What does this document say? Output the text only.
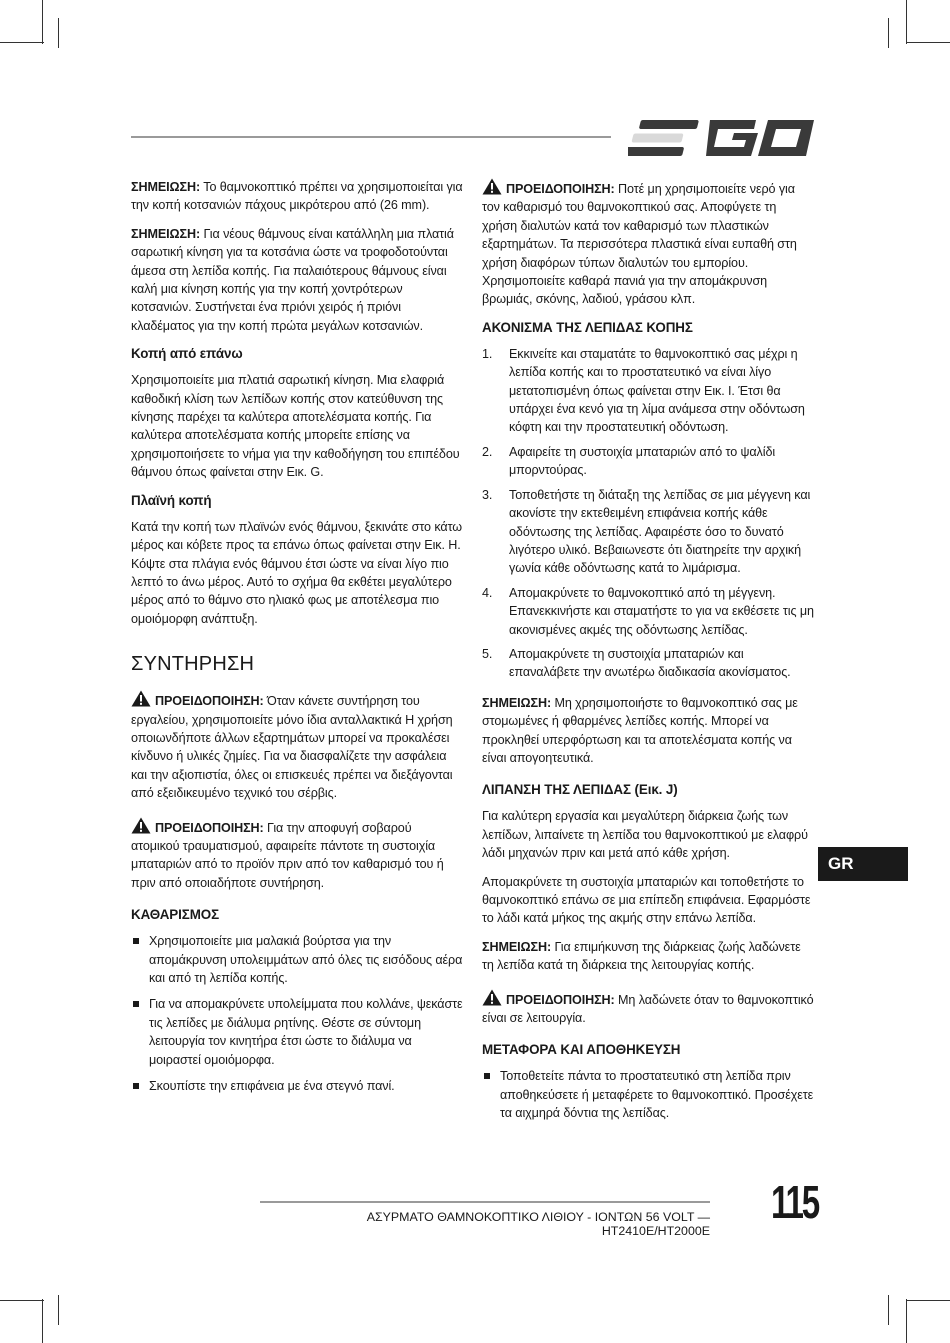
ΣΗΜΕΙΩΣΗ: Το θαμνοκοπτικό πρέπει να χρησιμοποιείται για την κοπή κοτσανιών πάχους μικρότερου από (26 mm).

ΣΗΜΕΙΩΣΗ: Για νέους θάμνους είναι κατάλληλη μια πλατιά σαρωτική κίνηση για τα κοτσάνια ώστε να τροφοδοτούνται άμεσα στη λεπίδα κοπής. Για παλαιότερους θάμνους είναι καλή μια κίνηση κοπής για την κοπή χοντρότερων κοτσανιών. Συστήνεται ένα πριόνι χειρός ή πριόνι κλαδέματος για την κοπή πρώτα μεγάλων κοτσανιών.

Κοπή από επάνω

Χρησιμοποιείτε μια πλατιά σαρωτική κίνηση. Μια ελαφριά καθοδική κλίση των λεπίδων κοπής στον κατεύθυνση της κίνησης παρέχει τα καλύτερα αποτελέσματα κοπής. Για καλύτερα αποτελέσματα κοπής μπορείτε επίσης να χρησιμοποιήσετε το νήμα για την καθοδήγηση του επιπέδου θάμνου όπως φαίνεται στην Εικ. G.

Πλαϊνή κοπή

Κατά την κοπή των πλαϊνών ενός θάμνου, ξεκινάτε στο κάτω μέρος και κόβετε προς τα επάνω όπως φαίνεται στην Εικ. H. Κόψτε στα πλάγια ενός θάμνου έτσι ώστε να είναι λίγο πιο λεπτό το άνω μέρος. Αυτό το σχήμα θα εκθέτει μεγαλύτερο μέρος από το θάμνο στο ηλιακό φως με αποτέλεσμα πιο ομοιόμορφη ανάπτυξη.

ΣΥΝΤΗΡΗΣΗ

ΠΡΟΕΙΔΟΠΟΙΗΣΗ: Όταν κάνετε συντήρηση του εργαλείου, χρησιμοποιείτε μόνο ίδια ανταλλακτικά Η χρήση οποιωνδήποτε άλλων εξαρτημάτων μπορεί να προκαλέσει κίνδυνο ή υλικές ζημίες. Για να διασφαλίζετε την ασφάλεια και την αξιοπιστία, όλες οι επισκευές πρέπει να διεξάγονται από εξειδικευμένο τεχνικό του σέρβις.

ΠΡΟΕΙΔΟΠΟΙΗΣΗ: Για την αποφυγή σοβαρού ατομικού τραυματισμού, αφαιρείτε πάντοτε τη συστοιχία μπαταριών από το προϊόν πριν από τον καθαρισμό του ή πριν από οποιαδήποτε συντήρηση.

ΚΑΘΑΡΙΣΜΟΣ
Χρησιμοποιείτε μια μαλακιά βούρτσα για την απομάκρυνση υπολειμμάτων από όλες τις εισόδους αέρα και από τη λεπίδα κοπής.
Για να απομακρύνετε υπολείμματα που κολλάνε, ψεκάστε τις λεπίδες με διάλυμα ρητίνης. Θέστε σε σύντομη λειτουργία τον κινητήρα έτσι ώστε το διάλυμα να μοιραστεί ομοιόμορφα.
Σκουπίστε την επιφάνεια με ένα στεγνό πανί.

ΠΡΟΕΙΔΟΠΟΙΗΣΗ: Ποτέ μη χρησιμοποιείτε νερό για τον καθαρισμό του θαμνοκοπτικού σας. Αποφύγετε τη χρήση διαλυτών κατά τον καθαρισμό των πλαστικών εξαρτημάτων. Τα περισσότερα πλαστικά είναι ευπαθή στη χρήση διαφόρων τύπων διαλυτών του εμπορίου. Χρησιμοποιείτε καθαρά πανιά για την απομάκρυνση βρωμιάς, σκόνης, λαδιού, γράσου κλπ.

ΑΚΟΝΙΣΜΑ ΤΗΣ ΛΕΠΙΔΑΣ ΚΟΠΗΣ
1. Εκκινείτε και σταματάτε το θαμνοκοπτικό σας μέχρι η λεπίδα κοπής και το προστατευτικό να είναι λίγο μετατοπισμένη όπως φαίνεται στην Εικ. I. Έτσι θα υπάρχει ένα κενό για τη λίμα ανάμεσα στην οδόντωση κόφτη και την προστατευτική οδόντωση.
2. Αφαιρείτε τη συστοιχία μπαταριών από το ψαλίδι μπορντούρας.
3. Τοποθετήστε τη διάταξη της λεπίδας σε μια μέγγενη και ακονίστε την εκτεθειμένη επιφάνεια κοπής κάθε οδόντωσης της λεπίδας. Αφαιρέστε όσο το δυνατό λιγότερο υλικό. Βεβαιωνεστε ότι διατηρείτε την αρχική γωνία κάθε οδόντωσης κατά το λιμάρισμα.
4. Απομακρύνετε το θαμνοκοπτικό από τη μέγγενη. Επανεκκινήστε και σταματήστε το για να εκθέσετε τις μη ακονισμένες ακμές της οδόντωσης λεπίδας.
5. Απομακρύνετε τη συστοιχία μπαταριών και επαναλάβετε την ανωτέρω διαδικασία ακονίσματος.

ΣΗΜΕΙΩΣΗ: Μη χρησιμοποιήστε το θαμνοκοπτικό σας με στομωμένες ή φθαρμένες λεπίδες κοπής. Μπορεί να προκληθεί υπερφόρτωση και τα αποτελέσματα κοπής να είναι απογοητευτικά.

ΛΙΠΑΝΣΗ ΤΗΣ ΛΕΠΙΔΑΣ (Εικ. J)

Για καλύτερη εργασία και μεγαλύτερη διάρκεια ζωής των λεπίδων, λιπαίνετε τη λεπίδα του θαμνοκοπτικού με ελαφρύ λάδι μηχανών πριν και μετά από κάθε χρήση.

Απομακρύνετε τη συστοιχία μπαταριών και τοποθετήστε το θαμνοκοπτικό επάνω σε μια επίπεδη επιφάνεια. Εφαρμόστε το λάδι κατά μήκος της ακμής στην επάνω λεπίδα.

ΣΗΜΕΙΩΣΗ: Για επιμήκυνση της διάρκειας ζωής λαδώνετε τη λεπίδα κατά τη διάρκεια της λειτουργίας κοπής.

ΠΡΟΕΙΔΟΠΟΙΗΣΗ: Μη λαδώνετε όταν το θαμνοκοπτικό είναι σε λειτουργία.

ΜΕΤΑΦΟΡΑ ΚΑΙ ΑΠΟΘΗΚΕΥΣΗ
Τοποθετείτε πάντα το προστατευτικό στη λεπίδα πριν αποθηκεύσετε ή μεταφέρετε το θαμνοκοπτικό. Προσέχετε τα αιχμηρά δόντια της λεπίδας.
GR
ΑΣΥΡΜΑΤΟ ΘΑΜΝΟΚΟΠΤΙΚΟ ΛΙΘΙΟΥ - ΙΟΝΤΩΝ 56 VOLT — HT2410E/HT2000E
115
